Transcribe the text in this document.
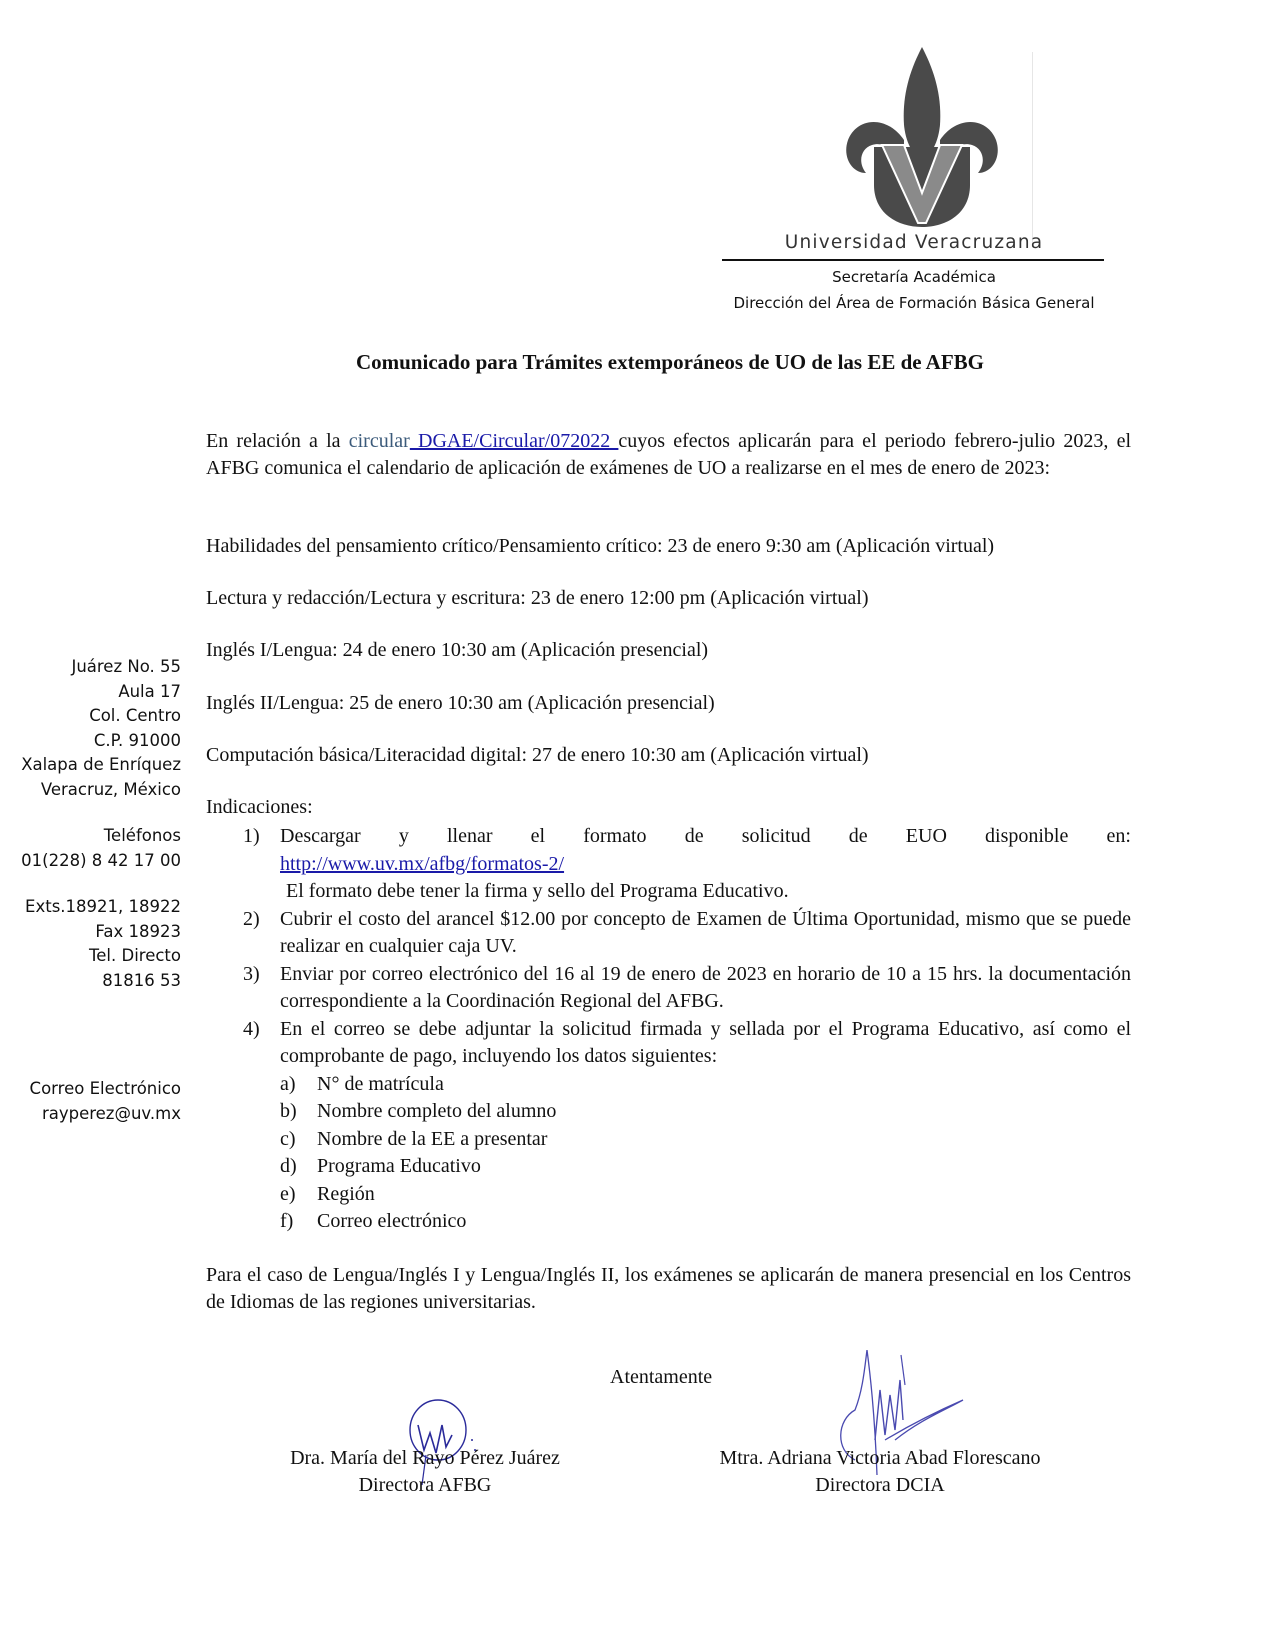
Universidad Veracruzana
Secretaría Académica
Dirección del Área de Formación Básica General
Juárez No. 55
Aula 17
Col. Centro
C.P. 91000
Xalapa de Enríquez
Veracruz, México
Teléfonos
01(228) 8 42 17 00
Exts.18921, 18922
Fax 18923
Tel. Directo
81816 53
Correo Electrónico
rayperez@uv.mx
Comunicado para Trámites extemporáneos de UO de las EE de AFBG
En relación a la circular DGAE/Circular/072022 cuyos efectos aplicarán para el periodo febrero-julio 2023, el AFBG comunica el calendario de aplicación de exámenes de UO a realizarse en el mes de enero de 2023:
Habilidades del pensamiento crítico/Pensamiento crítico: 23 de enero 9:30 am (Aplicación virtual)
Lectura y redacción/Lectura y escritura: 23 de enero 12:00 pm (Aplicación virtual)
Inglés I/Lengua: 24 de enero 10:30 am (Aplicación presencial)
Inglés II/Lengua: 25 de enero 10:30 am (Aplicación presencial)
Computación básica/Literacidad digital: 27 de enero 10:30 am (Aplicación virtual)
Indicaciones:
1) Descargar y llenar el formato de solicitud de EUO disponible en:
http://www.uv.mx/afbg/formatos-2/
El formato debe tener la firma y sello del Programa Educativo.
2) Cubrir el costo del arancel $12.00 por concepto de Examen de Última Oportunidad, mismo que se puede realizar en cualquier caja UV.
3) Enviar por correo electrónico del 16 al 19 de enero de 2023 en horario de 10 a 15 hrs. la documentación correspondiente a la Coordinación Regional del AFBG.
4) En el correo se debe adjuntar la solicitud firmada y sellada por el Programa Educativo, así como el comprobante de pago, incluyendo los datos siguientes:
a) N° de matrícula
b) Nombre completo del alumno
c) Nombre de la EE a presentar
d) Programa Educativo
e) Región
f) Correo electrónico
Para el caso de Lengua/Inglés I y Lengua/Inglés II, los exámenes se aplicarán de manera presencial en los Centros de Idiomas de las regiones universitarias.
Atentamente
Dra. María del Rayo Pérez Juárez
Directora AFBG
Mtra. Adriana Victoria Abad Florescano
Directora DCIA
